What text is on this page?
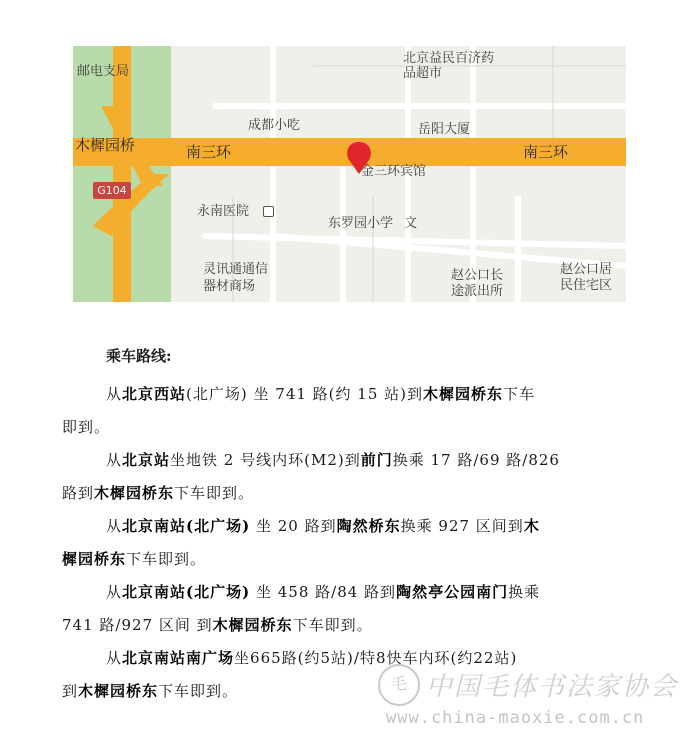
邮电支局
北京益民百济药品超市
成都小吃	岳阳大厦
木樨园桥	南三环	南三环
G104
金三环宾馆
永南医院
东罗园小学 文
灵讯通通信
器材商场
赵公口长
途派出所
赵公口居
民住宅区
乘车路线:

从北京西站(北广场) 坐 741 路(约 15 站)到木樨园桥东下车

即到。

从北京站坐地铁 2 号线内环(M2)到前门换乘 17 路/69 路/826

路到木樨园桥东下车即到。

从北京南站(北广场) 坐 20 路到陶然桥东换乘 927 区间到木

樨园桥东下车即到。

从北京南站(北广场) 坐 458 路/84 路到陶然亭公园南门换乘

741 路/927 区间 到木樨园桥东下车即到。

从北京南站南广场坐665路(约5站)/特8快车内环(约22站)

到木樨园桥东下车即到。	毛 中国毛体书法家协会
www.china-maoxie.com.cn
